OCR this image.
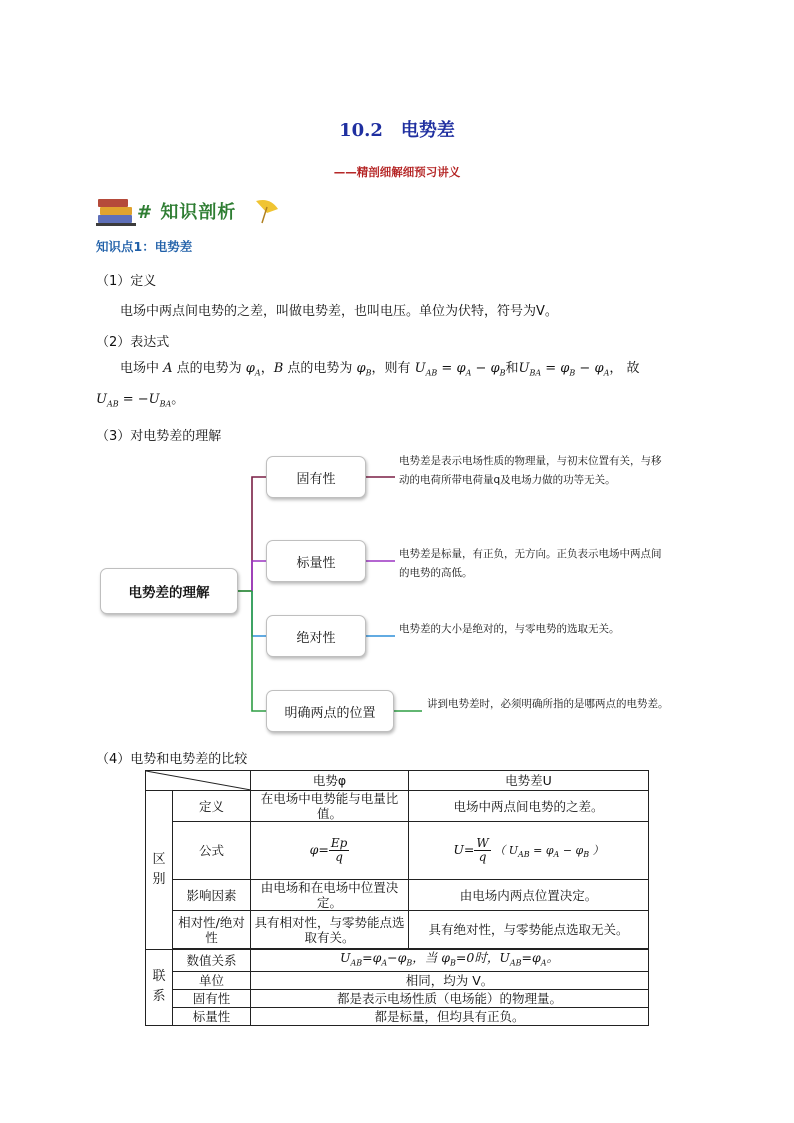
10.2　电势差
——精剖细解细预习讲义
# 知识剖析
知识点1：电势差
（1）定义
电场中两点间电势的之差，叫做电势差，也叫电压。单位为伏特，符号为V。
（2）表达式
电场中 A 点的电势为 $\varphi_A$，B 点的电势为 $\varphi_B$，则有 $U_{AB} = \varphi_A - \varphi_B$和$U_{BA} = \varphi_B - \varphi_A$， 故
$U_{AB} = -U_{BA}$。
（3）对电势差的理解
电势差的理解
固有性
标量性
绝对性
明确两点的位置
电势差是表示电场性质的物理量，与初末位置有关，与移动的电荷所带电荷量q及电场力做的功等无关。
电势差是标量，有正负，无方向。正负表示电场中两点间的电势的高低。
电势差的大小是绝对的，与零电势的选取无关。
讲到电势差时，必须明确所指的是哪两点的电势差。
（4）电势和电势差的比较
	电势φ	电势差U

区别	定义	在电场中电势能与电量比值。	电场中两点间电势的之差。
	公式	$\varphi= \frac{Ep}{q}$	$U= \frac{W}{q}$ （ $U_{AB} = \varphi_A - \varphi_B$ ）
	影响因素	由电场和在电场中位置决定。	由电场内两点位置决定。
	相对性/绝对性	具有相对性，与零势能点选取有关。	具有绝对性，与零势能点选取无关。

联系	数值关系	$U_{AB}=\varphi_A-\varphi_B$，当 $\varphi_B=0$时，$U_{AB}=\varphi_A$。	
	单位	相同，均为 V。	
	固有性	都是表示电场性质（电场能）的物理量。	
	标量性	都是标量，但均具有正负。	
